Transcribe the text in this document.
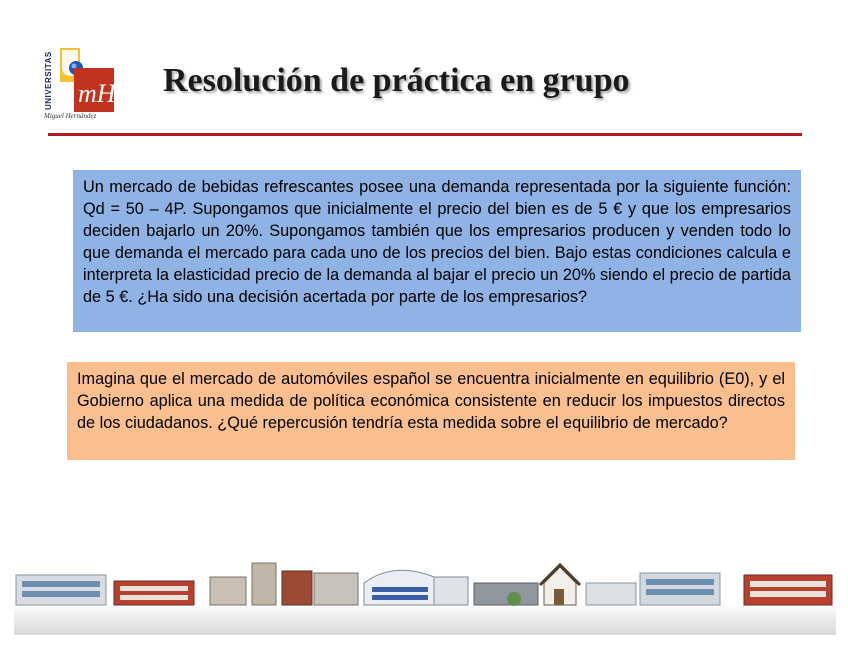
UNIVERSITAS mH
Miguel Hernández
Resolución de práctica en grupo
Un mercado de bebidas refrescantes posee una demanda representada por la siguiente función: Qd = 50 – 4P. Supongamos que inicialmente el precio del bien es de 5 € y que los empresarios deciden bajarlo un 20%. Supongamos también que los empresarios producen y venden todo lo que demanda el mercado para cada uno de los precios del bien. Bajo estas condiciones calcula e interpreta la elasticidad precio de la demanda al bajar el precio un 20% siendo el precio de partida de 5 €. ¿Ha sido una decisión acertada por parte de los empresarios?
Imagina que el mercado de automóviles español se encuentra inicialmente en equilibrio (E0), y el Gobierno aplica una medida de política económica consistente en reducir los impuestos directos de los ciudadanos. ¿Qué repercusión tendría esta medida sobre el equilibrio de mercado?
